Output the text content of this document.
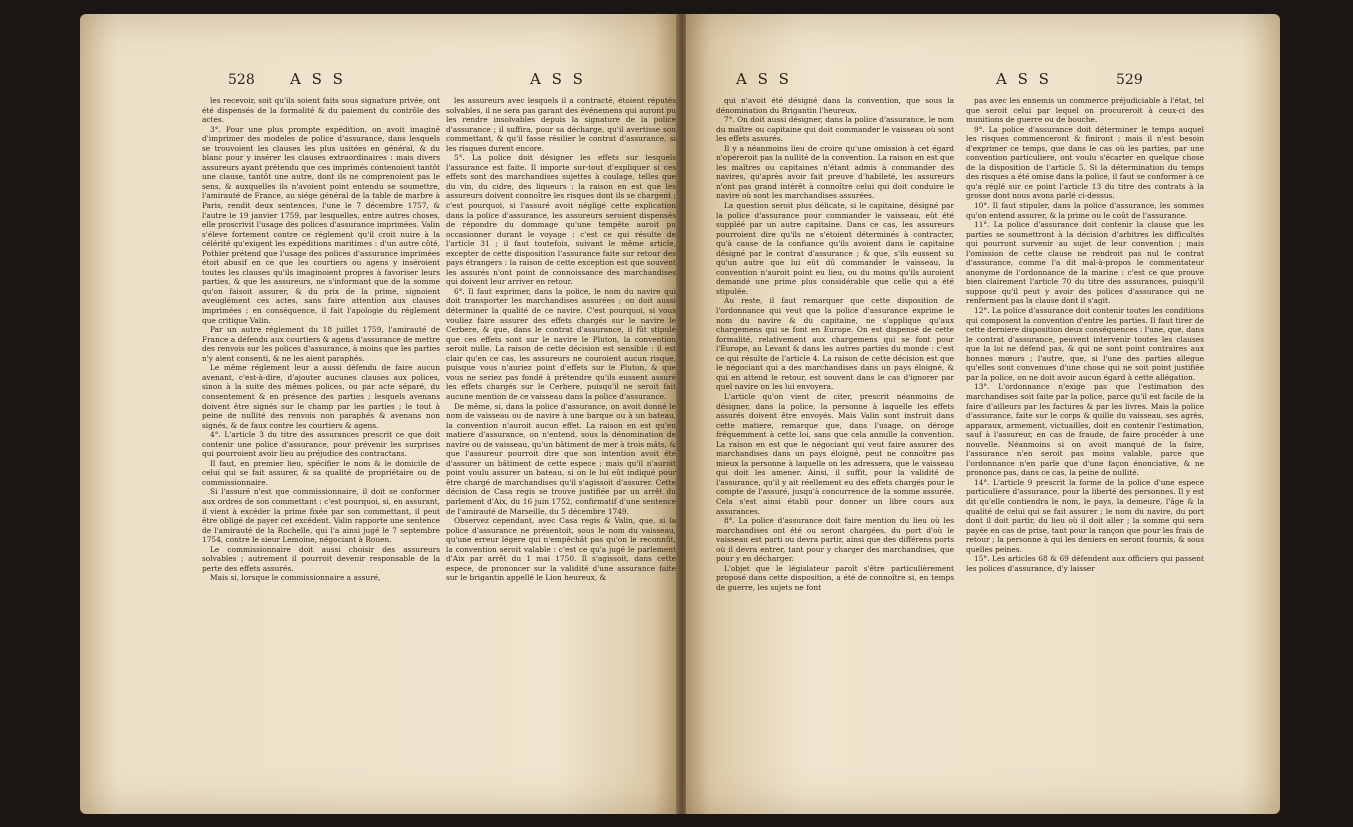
528 A S S	A S S

les recevoir, soit qu'ils soient faits sous signature privée, ont été dispensés de la formalité & du paiement du contrôle des actes.

3°. Pour une plus prompte expédition, on avoit imaginé d'imprimer des modeles de police d'assurance, dans lesquels se trouvoient les clauses les plus usitées en général, & du blanc pour y insérer les clauses extraordinaires : mais divers assureurs ayant prétendu que ces imprimés contenoient tantôt une clause, tantôt une autre, dont ils ne comprenoient pas le sens, & auxquelles ils n'avoient point entendu se soumettre, l'amirauté de France, au siége général de la table de marbre à Paris, rendit deux sentences, l'une le 7 décembre 1757, & l'autre le 19 janvier 1759, par lesquelles, entre autres choses, elle proscrivit l'usage des polices d'assurance imprimées. Valin s'éleve fortement contre ce réglement qu'il croit nuire à la célérité qu'exigent les expéditions maritimes : d'un autre côté, Pothier prétend que l'usage des polices d'assurance imprimées étoit abusif en ce que les courtiers ou agens y inséroient toutes les clauses qu'ils imaginoient propres à favoriser leurs parties, & que les assureurs, ne s'informant que de la somme qu'on faisoit assurer, & du prix de la prime, signoient aveuglément ces actes, sans faire attention aux clauses imprimées ; en conséquence, il fait l'apologie du réglement que critique Valin.

Par un autre réglement du 18 juillet 1759, l'amirauté de France a défendu aux courtiers & agens d'assurance de mettre des renvois sur les polices d'assurance, à moins que les parties n'y aient consenti, & ne les aient paraphés.

Le même réglement leur a aussi défendu de faire aucun avenant, c'est-à-dire, d'ajouter aucunes clauses aux polices, sinon à la suite des mêmes polices, ou par acte séparé, du consentement & en présence des parties ; lesquels avenans doivent être signés sur le champ par les parties ; le tout à peine de nullité des renvois non paraphés & avenans non signés, & de faux contre les courtiers & agens.

4°. L'article 3 du titre des assurances prescrit ce que doit contenir une police d'assurance, pour prévenir les surprises qui pourroient avoir lieu au préjudice des contractans.

Il faut, en premier lieu, spécifier le nom & le domicile de celui qui se fait assurer, & sa qualité de propriétaire ou de commissionnaire.

Si l'assuré n'est que commissionnaire, il doit se conformer aux ordres de son commettant : c'est pourquoi, si, en assurant, il vient à excéder la prime fixée par son commettant, il peut être obligé de payer cet excédent. Valin rapporte une sentence de l'amirauté de la Rochelle, qui l'a ainsi jugé le 7 septembre 1754, contre le sieur Lemoine, négociant à Rouen.

Le commissionnaire doit aussi choisir des assureurs solvables ; autrement il pourroit devenir responsable de la perte des effets assurés.

Mais si, lorsque le commissionnaire a assuré,

les assureurs avec lesquels il a contracté, étoient réputés solvables, il ne sera pas garant des événemens qui auront pu les rendre insolvables depuis la signature de la police d'assurance ; il suffira, pour sa décharge, qu'il avertisse son commettant, & qu'il fasse résilier le contrat d'assurance, si les risques durent encore.

5°. La police doit désigner les effets sur lesquels l'assurance est faite. Il importe sur-tout d'expliquer si ces effets sont des marchandises sujettes à coulage, telles que du vin, du cidre, des liqueurs : la raison en est que les assureurs doivent connoître les risques dont ils se chargent ; c'est pourquoi, si l'assuré avoit négligé cette explication dans la police d'assurance, les assureurs seroient dispensés de répondre du dommage qu'une tempête auroit pu occasionner durant le voyage : c'est ce qui résulte de l'article 31 ; il faut toutefois, suivant le même article, excepter de cette disposition l'assurance faite sur retour des pays étrangers : la raison de cette exception est que souvent les assurés n'ont point de connoissance des marchandises qui doivent leur arriver en retour.

6°. Il faut exprimer, dans la police, le nom du navire qui doit transporter les marchandises assurées ; on doit aussi déterminer la qualité de ce navire. C'est pourquoi, si vous vouliez faire assurer des effets chargés sur le navire le Cerbere, & que, dans le contrat d'assurance, il fût stipulé que ces effets sont sur le navire le Pluton, la convention seroit nulle. La raison de cette décision est sensible : il est clair qu'en ce cas, les assureurs ne couroient aucun risque, puisque vous n'auriez point d'effets sur le Pluton, & que vous ne seriez pas fondé à prétendre qu'ils eussent assuré les effets chargés sur le Cerbere, puisqu'il ne seroit fait aucune mention de ce vaisseau dans la police d'assurance.

De même, si, dans la police d'assurance, on avoit donné le nom de vaisseau ou de navire à une barque ou à un bateau, la convention n'auroit aucun effet. La raison en est qu'en matiere d'assurance, on n'entend, sous la dénomination de navire ou de vaisseau, qu'un bâtiment de mer à trois mâts, & que l'assureur pourroit dire que son intention avoit été d'assurer un bâtiment de cette espece ; mais qu'il n'auroit point voulu assurer un bateau, si on le lui eût indiqué pour être chargé de marchandises qu'il s'agissoit d'assurer. Cette décision de Casa regis se trouve justifiée par un arrêt du parlement d'Aix, du 16 juin 1752, confirmatif d'une sentence de l'amirauté de Marseille, du 5 décembre 1749.

Observez cependant, avec Casa regis & Valin, que, si la police d'assurance ne présentoit, sous le nom du vaisseau, qu'une erreur légere qui n'empêchât pas qu'on le reconnût, la convention seroit valable : c'est ce qu'a jugé le parlement d'Aix par arrêt du 1 mai 1750. Il s'agissoit, dans cette espece, de prononcer sur la validité d'une assurance faite sur le brigantin appellé le Lion heureux, &

A S S	A S S	529

qui n'avoit été désigné dans la convention, que sous la dénomination du Brigantin l'heureux.

7°. On doit aussi désigner, dans la police d'assurance, le nom du maître ou capitaine qui doit commander le vaisseau où sont les effets assurés.

Il y a néanmoins lieu de croire qu'une omission à cet égard n'opéreroit pas la nullité de la convention. La raison en est que les maîtres ou capitaines n'étant admis à commander des navires, qu'après avoir fait preuve d'habileté, les assureurs n'ont pas grand intérêt à connoître celui qui doit conduire le navire où sont les marchandises assurées.

La question seroit plus délicate, si le capitaine, désigné par la police d'assurance pour commander le vaisseau, eût été suppléé par un autre capitaine. Dans ce cas, les assureurs pourroient dire qu'ils ne s'étoient déterminés à contracter, qu'à cause de la confiance qu'ils avoient dans le capitaine désigné par le contrat d'assurance ; & que, s'ils eussent su qu'un autre que lui eût dû commander le vaisseau, la convention n'auroit point eu lieu, ou du moins qu'ils auroient demandé une prime plus considérable que celle qui a été stipulée.

Au reste, il faut remarquer que cette disposition de l'ordonnance qui veut que la police d'assurance exprime le nom du navire & du capitaine, ne s'applique qu'aux chargemens qui se font en Europe. On est dispensé de cette formalité, relativement aux chargemens qui se font pour l'Europe, au Levant & dans les autres parties du monde : c'est ce qui résulte de l'article 4. La raison de cette décision est que le négociant qui a des marchandises dans un pays éloigné, & qui en attend le retour, est souvent dans le cas d'ignorer par quel navire on les lui envoyera.

L'article qu'on vient de citer, prescrit néanmoins de désigner, dans la police, la personne à laquelle les effets assurés doivent être envoyés. Mais Valin sont instruit dans cette matiere, remarque que, dans l'usage, on déroge fréquemment à cette loi, sans que cela annulle la convention. La raison en est que le négociant qui veut faire assurer des marchandises dans un pays éloigné, peut ne connoître pas mieux la personne à laquelle on les adressera, que le vaisseau qui doit les amener. Ainsi, il suffit, pour la validité de l'assurance, qu'il y ait réellement eu des effets chargés pour le compte de l'assuré, jusqu'à concurrence de la somme assurée. Cela s'est ainsi établi pour donner un libre cours aux assurances.

8°. La police d'assurance doit faire mention du lieu où les marchandises ont été ou seront chargées, du port d'où le vaisseau est parti ou devra partir, ainsi que des différens ports où il devra entrer, tant pour y charger des marchandises, que pour y en décharger.

L'objet que le législateur paroît s'être particulièrement proposé dans cette disposition, a été de connoître si, en temps de guerre, les sujets ne font

pas avec les ennemis un commerce préjudiciable à l'état, tel que seroit celui par lequel on procureroit à ceux-ci des munitions de guerre ou de bouche.

9°. La police d'assurance doit déterminer le temps auquel les risques commenceront & finiront ; mais il n'est besoin d'exprimer ce temps, que dans le cas où les parties, par une convention particuliere, ont voulu s'écarter en quelque chose de la disposition de l'article 5. Si la détermination du temps des risques a été omise dans la police, il faut se conformer à ce qu'a réglé sur ce point l'article 13 du titre des contrats à la grosse dont nous avons parlé ci-dessus.

10°. Il faut stipuler, dans la police d'assurance, les sommes qu'on entend assurer, & la prime ou le coût de l'assurance.

11°. La police d'assurance doit contenir la clause que les parties se soumettront à la décision d'arbitres les difficultés qui pourront survenir au sujet de leur convention ; mais l'omission de cette clause ne rendroit pas nul le contrat d'assurance, comme l'a dit mal-à-propos le commentateur anonyme de l'ordonnance de la marine : c'est ce que prouve bien clairement l'article 70 du titre des assurances, puisqu'il suppose qu'il peut y avoir des polices d'assurance qui ne renferment pas la clause dont il s'agit.

12°. La police d'assurance doit contenir toutes les conditions qui composent la convention d'entre les parties. Il faut tirer de cette derniere disposition deux conséquences : l'une, que, dans le contrat d'assurance, peuvent intervenir toutes les clauses que la loi ne défend pas, & qui ne sont point contraires aux bonnes mœurs ; l'autre, que, si l'une des parties allegue qu'elles sont convenues d'une chose qui ne soit point justifiée par la police, on ne doit avoir aucun égard à cette allégation.

13°. L'ordonnance n'exige pas que l'estimation des marchandises soit faite par la police, parce qu'il est facile de la faire d'ailleurs par les factures & par les livres. Mais la police d'assurance, faite sur le corps & quille du vaisseau, ses agrès, apparaux, armement, victuailles, doit en contenir l'estimation, sauf à l'assureur, en cas de fraude, de faire procéder à une nouvelle. Néanmoins si on avoit manqué de la faire, l'assurance n'en seroit pas moins valable, parce que l'ordonnance n'en parle que d'une façon énonciative, & ne prononce pas, dans ce cas, la peine de nullité.

14°. L'article 9 prescrit la forme de la police d'une espece particuliere d'assurance, pour la liberté des personnes. Il y est dit qu'elle contiendra le nom, le pays, la demeure, l'âge & la qualité de celui qui se fait assurer ; le nom du navire, du port dont il doit partir, du lieu où il doit aller ; la somme qui sera payée en cas de prise, tant pour la rançon que pour les frais de retour ; la personne à qui les deniers en seront fournis, & sous quelles peines.

15°. Les articles 68 & 69 défendent aux officiers qui passent les polices d'assurance, d'y laisser
